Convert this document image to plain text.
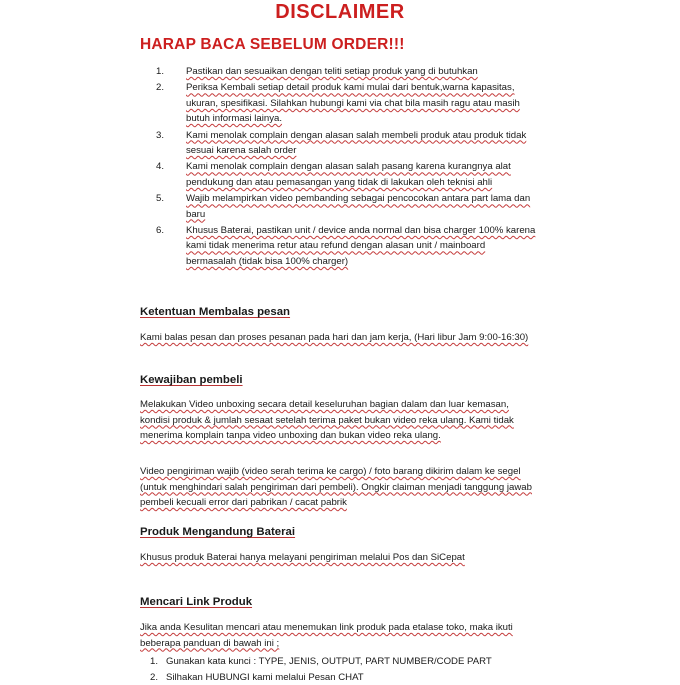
DISCLAIMER
HARAP BACA SEBELUM ORDER!!!
1. Pastikan dan sesuaikan dengan teliti setiap produk yang di butuhkan
2. Periksa Kembali setiap detail produk kami mulai dari bentuk,warna kapasitas, ukuran, spesifikasi. Silahkan hubungi kami via chat bila masih ragu atau masih butuh informasi lainya.
3. Kami menolak complain dengan alasan salah membeli produk atau produk tidak sesuai karena salah order
4. Kami menolak complain dengan alasan salah pasang karena kurangnya alat pendukung dan atau pemasangan yang tidak di lakukan oleh teknisi ahli
5. Wajib melampirkan video pembanding sebagai pencocokan antara part lama dan baru
6. Khusus Baterai, pastikan unit / device anda normal dan bisa charger 100% karena kami tidak menerima retur atau refund dengan alasan unit / mainboard bermasalah (tidak bisa 100% charger)
Ketentuan Membalas pesan
Kami balas pesan dan proses pesanan pada hari dan jam kerja, (Hari libur Jam 9:00-16:30)
Kewajiban pembeli
Melakukan Video unboxing secara detail keseluruhan bagian dalam dan luar kemasan, kondisi produk & jumlah sesaat setelah terima paket bukan video reka ulang. Kami tidak menerima komplain tanpa video unboxing dan bukan video reka ulang.
Video pengiriman wajib (video serah terima ke cargo) / foto barang dikirim dalam ke segel (untuk menghindari salah pengiriman dari pembeli). Ongkir claiman menjadi tanggung jawab pembeli kecuali error dari pabrikan / cacat pabrik
Produk Mengandung Baterai
Khusus produk Baterai hanya melayani pengiriman melalui Pos dan SiCepat
Mencari Link Produk
Jika anda Kesulitan mencari atau menemukan link produk pada etalase toko, maka ikuti beberapa panduan di bawah ini ;
1. Gunakan kata kunci : TYPE, JENIS, OUTPUT, PART NUMBER/CODE PART
2. Silhakan HUBUNGI kami melalui Pesan CHAT
